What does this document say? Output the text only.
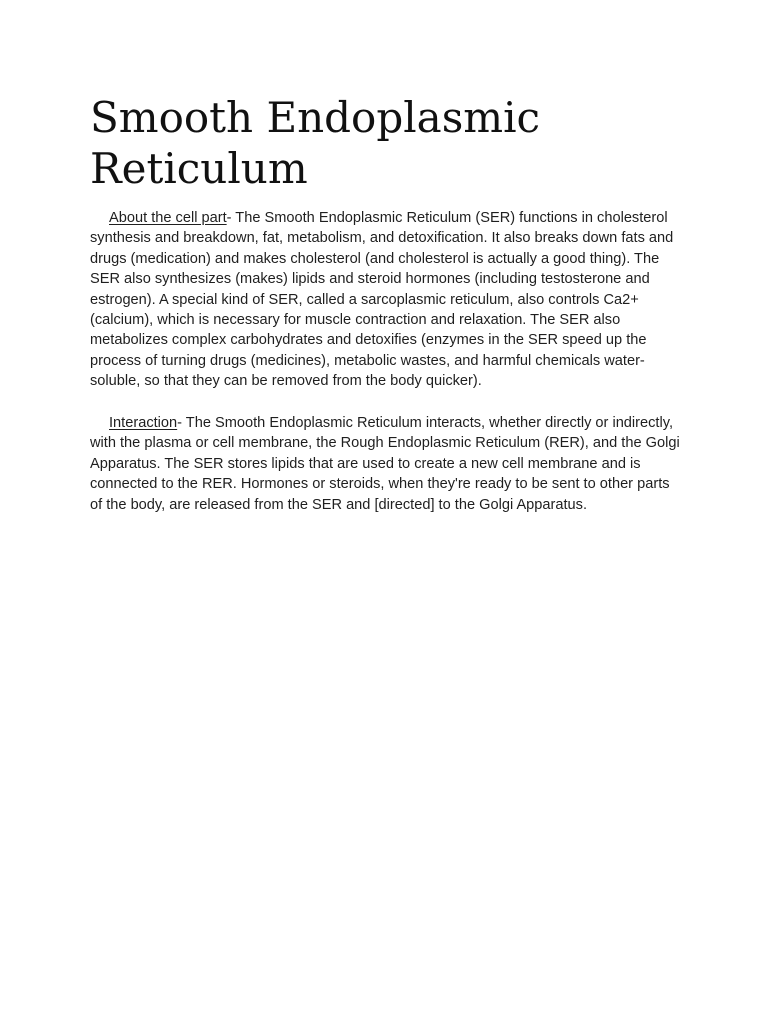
Smooth Endoplasmic Reticulum

About the cell part- The Smooth Endoplasmic Reticulum (SER) functions in cholesterol synthesis and breakdown, fat, metabolism, and detoxification. It also breaks down fats and drugs (medication) and makes cholesterol (and cholesterol is actually a good thing). The SER also synthesizes (makes) lipids and steroid hormones (including testosterone and estrogen). A special kind of SER, called a sarcoplasmic reticulum, also controls Ca2+ (calcium), which is necessary for muscle contraction and relaxation. The SER also metabolizes complex carbohydrates and detoxifies (enzymes in the SER speed up the process of turning drugs (medicines), metabolic wastes, and harmful chemicals water-soluble, so that they can be removed from the body quicker).

Interaction- The Smooth Endoplasmic Reticulum interacts, whether directly or indirectly, with the plasma or cell membrane, the Rough Endoplasmic Reticulum (RER), and the Golgi Apparatus. The SER stores lipids that are used to create a new cell membrane and is connected to the RER. Hormones or steroids, when they're ready to be sent to other parts of the body, are released from the SER and [directed] to the Golgi Apparatus.
